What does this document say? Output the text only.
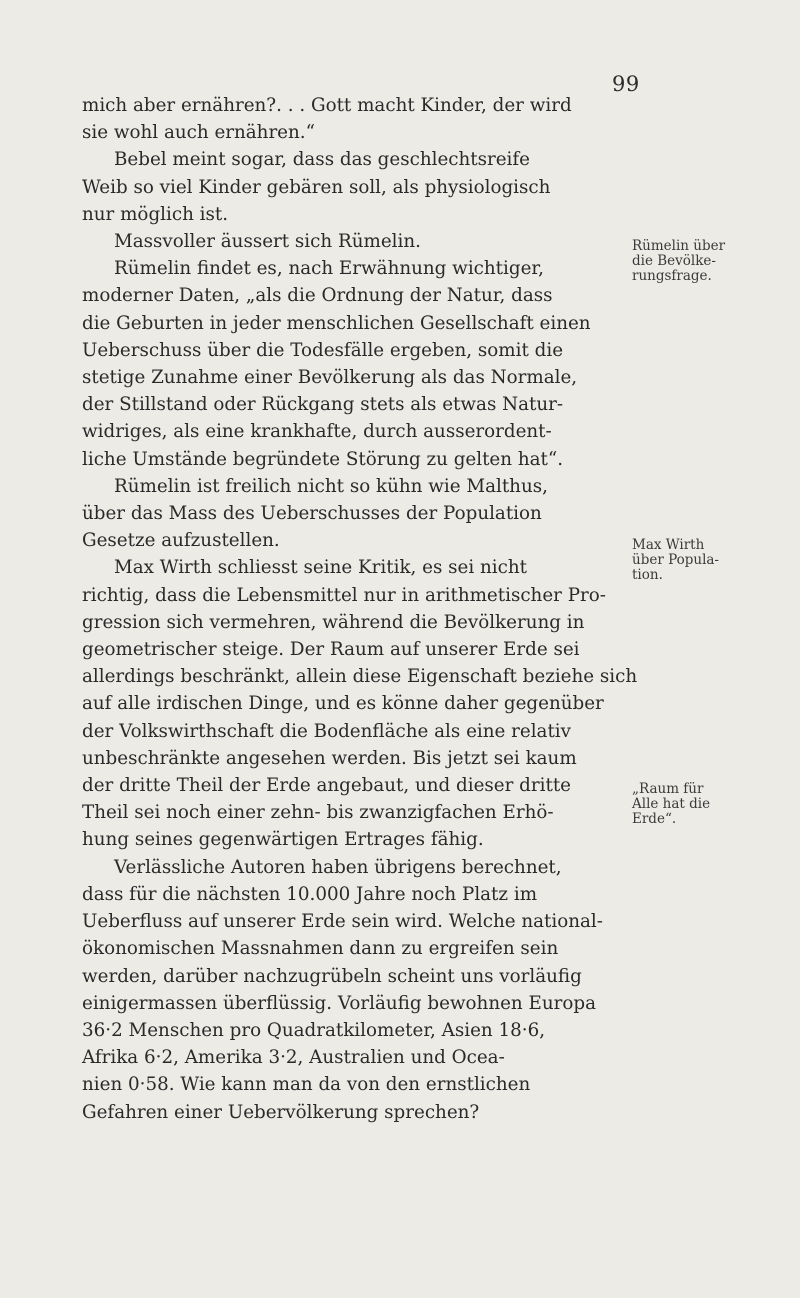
99

mich aber ernähren?. . . Gott macht Kinder, der wird
sie wohl auch ernähren.“

Bebel meint sogar, dass das geschlechtsreife
Weib so viel Kinder gebären soll, als physiologisch
nur möglich ist.

Massvoller äussert sich Rümelin.

Rümelin findet es, nach Erwähnung wichtiger,
moderner Daten, „als die Ordnung der Natur, dass
die Geburten in jeder menschlichen Gesellschaft einen
Ueberschuss über die Todesfälle ergeben, somit die
stetige Zunahme einer Bevölkerung als das Normale,
der Stillstand oder Rückgang stets als etwas Natur-
widriges, als eine krankhafte, durch ausserordent-
liche Umstände begründete Störung zu gelten hat“.

Rümelin ist freilich nicht so kühn wie Malthus,
über das Mass des Ueberschusses der Population
Gesetze aufzustellen.

Max Wirth schliesst seine Kritik, es sei nicht
richtig, dass die Lebensmittel nur in arithmetischer Pro-
gression sich vermehren, während die Bevölkerung in
geometrischer steige. Der Raum auf unserer Erde sei
allerdings beschränkt, allein diese Eigenschaft beziehe sich
auf alle irdischen Dinge, und es könne daher gegenüber
der Volkswirthschaft die Bodenfläche als eine relativ
unbeschränkte angesehen werden. Bis jetzt sei kaum
der dritte Theil der Erde angebaut, und dieser dritte
Theil sei noch einer zehn- bis zwanzigfachen Erhö-
hung seines gegenwärtigen Ertrages fähig.

Verlässliche Autoren haben übrigens berechnet,
dass für die nächsten 10.000 Jahre noch Platz im
Ueberfluss auf unserer Erde sein wird. Welche national-
ökonomischen Massnahmen dann zu ergreifen sein
werden, darüber nachzugrübeln scheint uns vorläufig
einigermassen überflüssig. Vorläufig bewohnen Europa
36·2 Menschen pro Quadratkilometer, Asien 18·6,
Afrika 6·2, Amerika 3·2, Australien und Ocea-
nien 0·58. Wie kann man da von den ernstlichen
Gefahren einer Uebervölkerung sprechen?

Rümelin über
die Bevölke-
rungsfrage.
Max Wirth
über Popula-
tion.
„Raum für
Alle hat die
Erde“.
